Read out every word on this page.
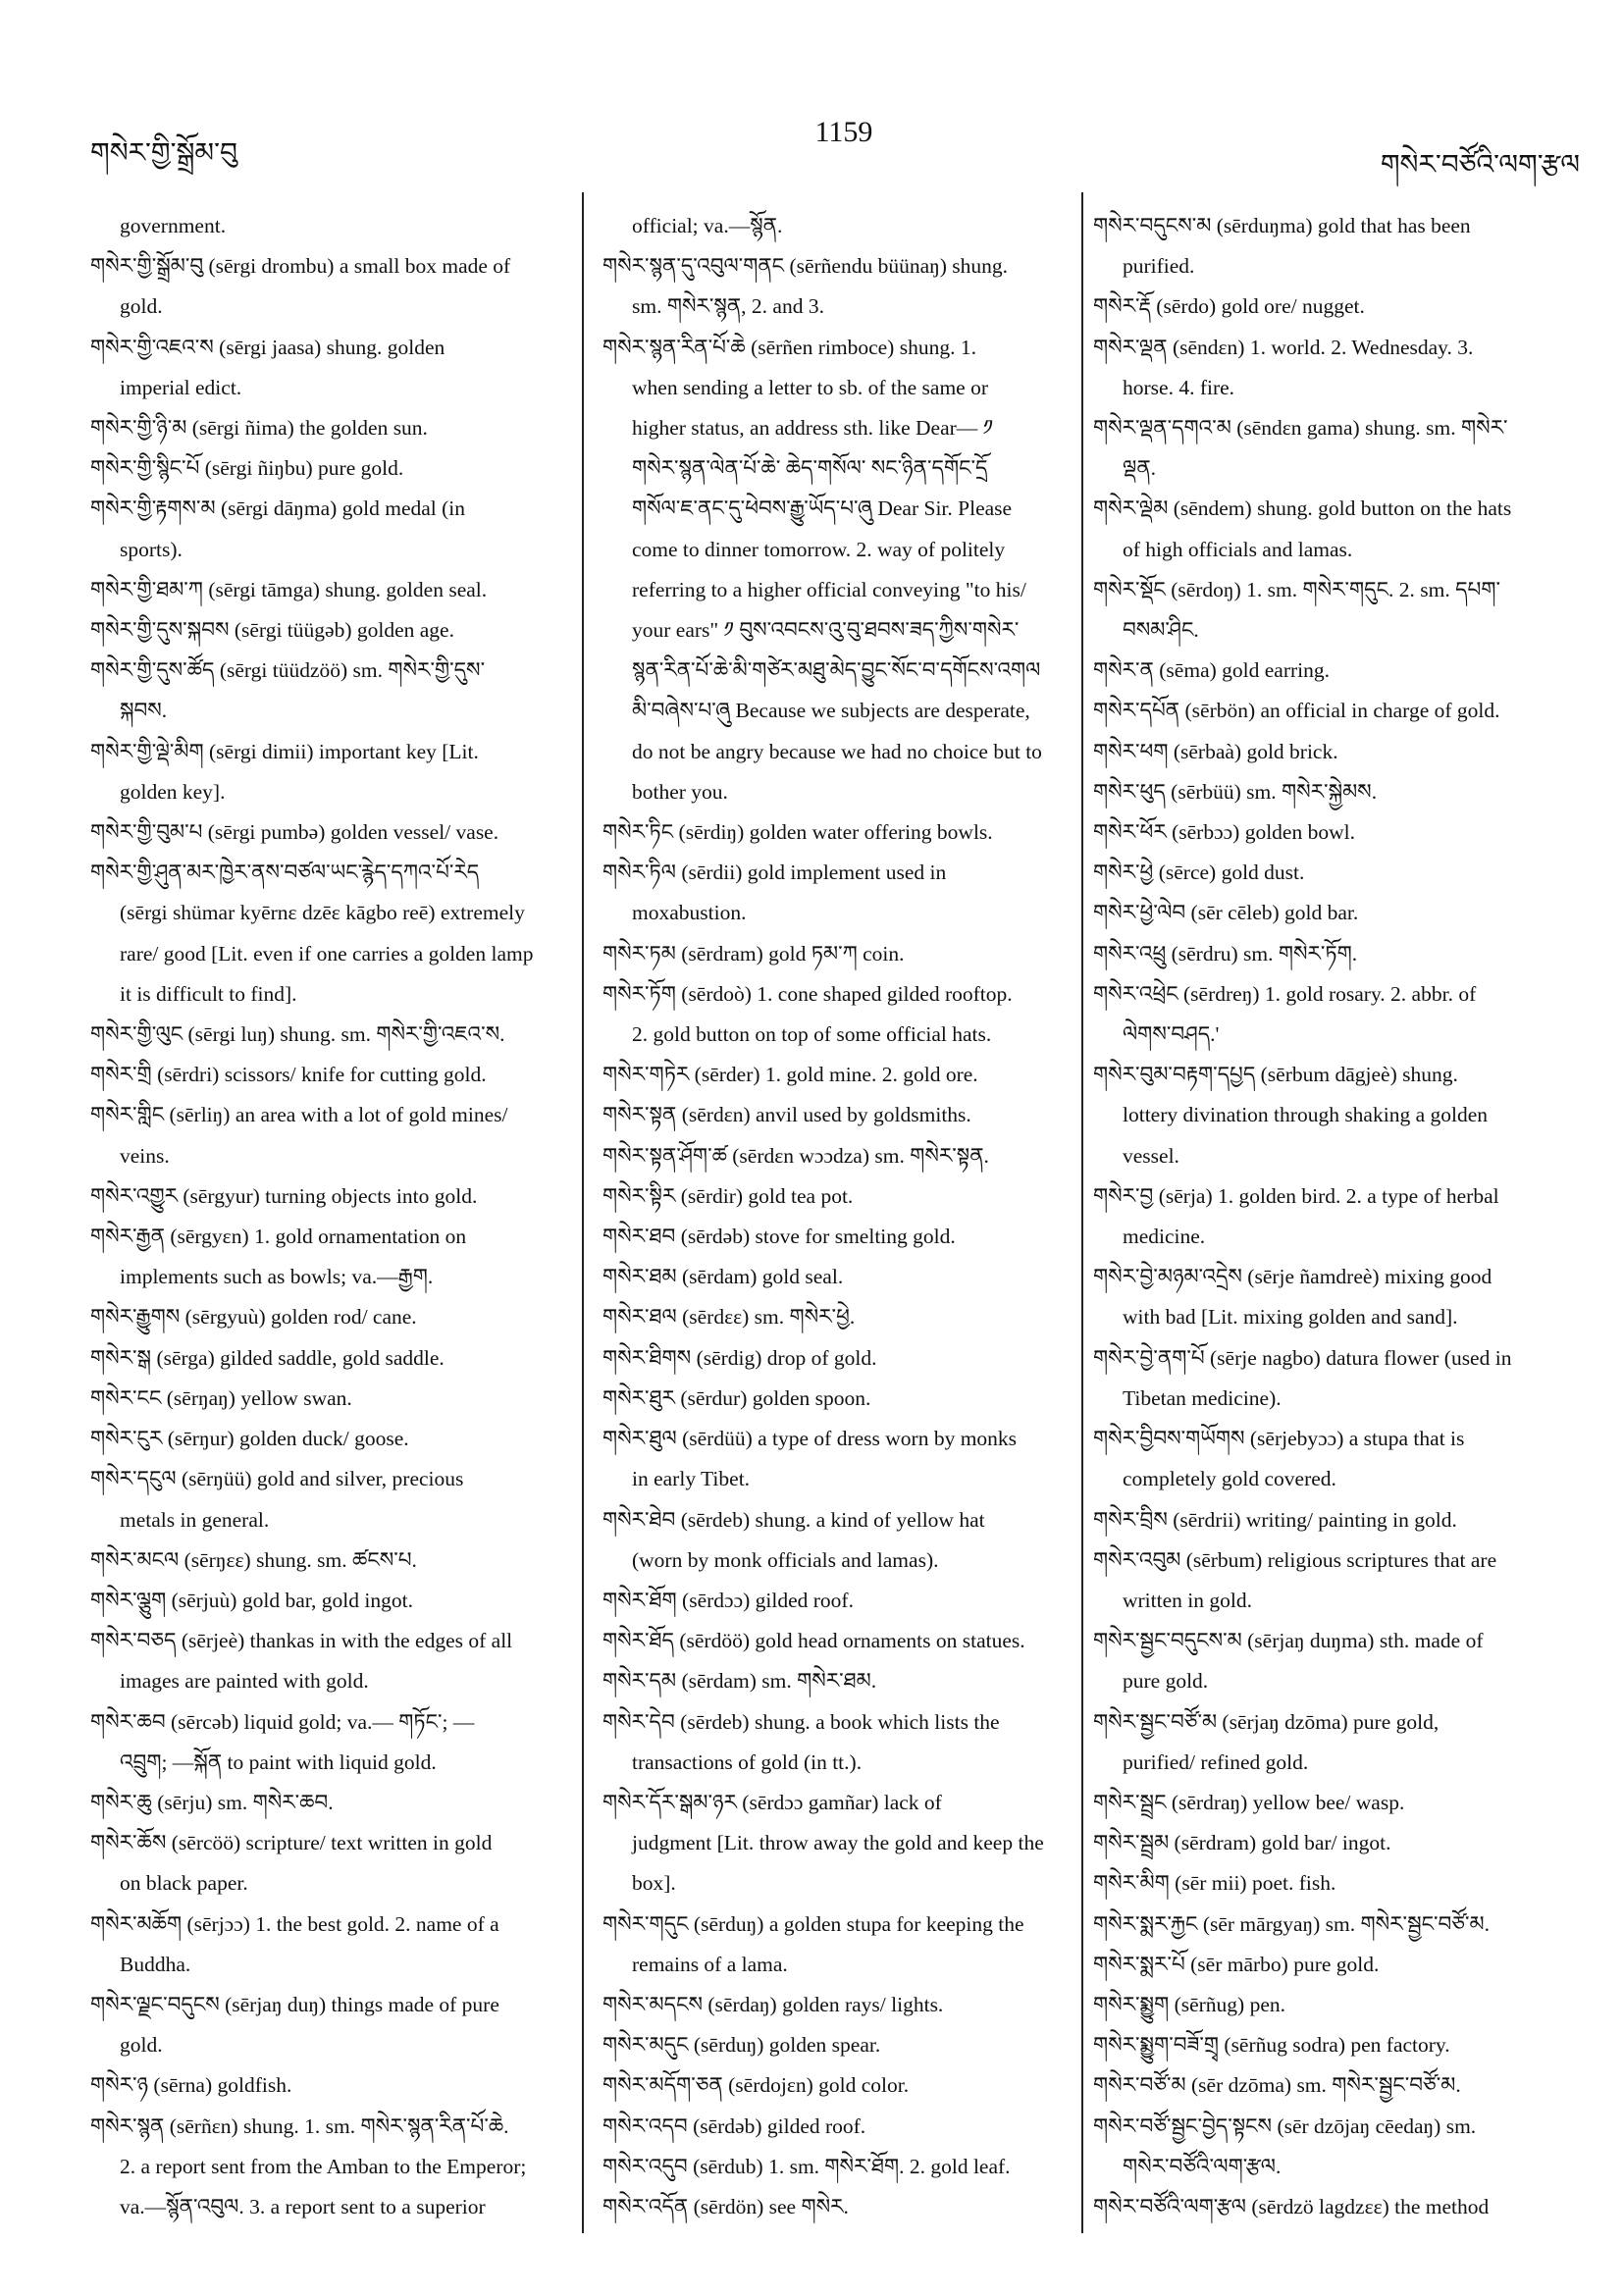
གསེར་གྱི་སྒྲོམ་བུ
1159
གསེར་བཙོའི་ལག་རྩལ
government.
གསེར་གྱི་སྒྲོམ་བུ (sērgi drombu) a small box made of
gold.
གསེར་གྱི་འཇའ་ས (sērgi jaasa) shung. golden
imperial edict.
གསེར་གྱི་ཉི་མ (sērgi ñima) the golden sun.
གསེར་གྱི་སྙིང་པོ (sērgi ñiŋbu) pure gold.
གསེར་གྱི་རྟགས་མ (sērgi dāŋma) gold medal (in
sports).
གསེར་གྱི་ཐམ་ཀ (sērgi tāmga) shung. golden seal.
གསེར་གྱི་དུས་སྐབས (sērgi tüügəb) golden age.
གསེར་གྱི་དུས་ཚོད (sērgi tüüdzöö) sm. གསེར་གྱི་དུས་
སྐབས.
གསེར་གྱི་ལྡེ་མིག (sērgi dimii) important key [Lit.
golden key].
གསེར་གྱི་བུམ་པ (sērgi pumbə) golden vessel/ vase.
གསེར་གྱི་ཤུན་མར་ཁྱེར་ནས་བཙལ་ཡང་རྙེད་དཀའ་པོ་རེད
(sērgi shümar kyērnɛ dzēɛ kāgbo reē) extremely
rare/ good [Lit. even if one carries a golden lamp
it is difficult to find].
གསེར་གྱི་ལུང (sērgi luŋ) shung. sm. གསེར་གྱི་འཇའ་ས.
གསེར་གྲི (sērdri) scissors/ knife for cutting gold.
གསེར་གླིང (sērliŋ) an area with a lot of gold mines/
veins.
གསེར་འགྱུར (sērgyur) turning objects into gold.
གསེར་རྒྱན (sērgyɛn) 1. gold ornamentation on
implements such as bowls; va.—རྒྱག.
གསེར་རྒྱུགས (sērgyuù) golden rod/ cane.
གསེར་སྒ (sērga) gilded saddle, gold saddle.
གསེར་ངང (sērŋaŋ) yellow swan.
གསེར་ངུར (sērŋur) golden duck/ goose.
གསེར་དངུལ (sērŋüü) gold and silver, precious
metals in general.
གསེར་མངལ (sērŋɛɛ) shung. sm. ཚངས་པ.
གསེར་ལྕུག (sērjuù) gold bar, gold ingot.
གསེར་བཅད (sērjeè) thankas in with the edges of all
images are painted with gold.
གསེར་ཆབ (sērcəb) liquid gold; va.— གཏོང་; —
འབྲུག; —སྐོན to paint with liquid gold.
གསེར་ཆུ (sērju) sm. གསེར་ཆབ.
གསེར་ཆོས (sērcöö) scripture/ text written in gold
on black paper.
གསེར་མཆོག (sērjɔɔ) 1. the best gold. 2. name of a
Buddha.
གསེར་ལྗང་བདུངས (sērjaŋ duŋ) things made of pure
gold.
གསེར་ཉ (sērna) goldfish.
གསེར་སྙན (sērñɛn) shung. 1. sm. གསེར་སྙན་རིན་པོ་ཆེ.
2. a report sent from the Amban to the Emperor;
va.—སྙོན་འབུལ. 3. a report sent to a superior
official; va.—སྙོན.
གསེར་སྙན་དུ་འབུལ་གནང (sērñendu büünaŋ) shung.
sm. གསེར་སྙན, 2. and 3.
གསེར་སྙན་རིན་པོ་ཆེ (sērñen rimboce) shung. 1.
when sending a letter to sb. of the same or
higher status, an address sth. like Dear— ༡
གསེར་སྙན་ལེན་པོ་ཆེ་ ཆེད་གསོལ་ སང་ཉིན་དགོང་དྲོ
གསོལ་ཇ་ནང་དུ་ཕེབས་རྒྱུ་ཡོད་པ་ཞུ Dear Sir. Please
come to dinner tomorrow. 2. way of politely
referring to a higher official conveying "to his/
your ears" ༡ བུས་འབངས་འུ་བུ་ཐབས་ཟད་ཀྱིས་གསེར་
སྙན་རིན་པོ་ཆེ་མི་གཙེར་མཐུ་མེད་བྱུང་སོང་བ་དགོངས་འགལ
མི་བཞེས་པ་ཞུ Because we subjects are desperate,
do not be angry because we had no choice but to
bother you.
གསེར་ཏིང (sērdiŋ) golden water offering bowls.
གསེར་ཏིལ (sērdii) gold implement used in
moxabustion.
གསེར་ཏམ (sērdram) gold ཏམ་ཀ coin.
གསེར་ཏོག (sērdoò) 1. cone shaped gilded rooftop.
2. gold button on top of some official hats.
གསེར་གཏེར (sērder) 1. gold mine. 2. gold ore.
གསེར་སྟན (sērdɛn) anvil used by goldsmiths.
གསེར་སྟན་ཤོག་ཚ (sērdɛn wɔɔdza) sm. གསེར་སྟན.
གསེར་སྟིར (sērdir) gold tea pot.
གསེར་ཐབ (sērdəb) stove for smelting gold.
གསེར་ཐམ (sērdam) gold seal.
གསེར་ཐལ (sērdɛɛ) sm. གསེར་ཕྱེ.
གསེར་ཐིགས (sērdig) drop of gold.
གསེར་ཐུར (sērdur) golden spoon.
གསེར་ཐུལ (sērdüü) a type of dress worn by monks
in early Tibet.
གསེར་ཐེབ (sērdeb) shung. a kind of yellow hat
(worn by monk officials and lamas).
གསེར་ཐོག (sērdɔɔ) gilded roof.
གསེར་ཐོད (sērdöö) gold head ornaments on statues.
གསེར་དམ (sērdam) sm. གསེར་ཐམ.
གསེར་དེབ (sērdeb) shung. a book which lists the
transactions of gold (in tt.).
གསེར་དོར་སྒམ་ཉར (sērdɔɔ gamñar) lack of
judgment [Lit. throw away the gold and keep the
box].
གསེར་གདུང (sērduŋ) a golden stupa for keeping the
remains of a lama.
གསེར་མདངས (sērdaŋ) golden rays/ lights.
གསེར་མདུང (sērduŋ) golden spear.
གསེར་མདོག་ཅན (sērdojɛn) gold color.
གསེར་འདབ (sērdəb) gilded roof.
གསེར་འདུབ (sērdub) 1. sm. གསེར་ཐོག. 2. gold leaf.
གསེར་འདོན (sērdön) see གསེར.
གསེར་བདུངས་མ (sērduŋma) gold that has been
purified.
གསེར་རྡོ (sērdo) gold ore/ nugget.
གསེར་ལྡན (sēndɛn) 1. world. 2. Wednesday. 3.
horse. 4. fire.
གསེར་ལྡན་དགའ་མ (sēndɛn gama) shung. sm. གསེར་
ལྡན.
གསེར་ལྡེམ (sēndem) shung. gold button on the hats
of high officials and lamas.
གསེར་སྡོང (sērdoŋ) 1. sm. གསེར་གདུང. 2. sm. དཔག་
བསམ་ཤིང.
གསེར་ན (sēma) gold earring.
གསེར་དཔོན (sērbön) an official in charge of gold.
གསེར་ཕག (sērbaà) gold brick.
གསེར་ཕུད (sērbüü) sm. གསེར་སྐྱེམས.
གསེར་ཕོར (sērbɔɔ) golden bowl.
གསེར་ཕྱེ (sērce) gold dust.
གསེར་ཕྱེ་ལེབ (sēr cēleb) gold bar.
གསེར་འཕྲུ (sērdru) sm. གསེར་ཏོག.
གསེར་འཕྲེང (sērdreŋ) 1. gold rosary. 2. abbr. of
ལེགས་བཤད.'
གསེར་བུམ་བརྟག་དཔྱད (sērbum dāgjeè) shung.
lottery divination through shaking a golden
vessel.
གསེར་བྱ (sērja) 1. golden bird. 2. a type of herbal
medicine.
གསེར་བྱེ་མཉམ་འདྲེས (sērje ñamdreè) mixing good
with bad [Lit. mixing golden and sand].
གསེར་བྱེ་ནག་པོ (sērje nagbo) datura flower (used in
Tibetan medicine).
གསེར་བྱིབས་གཡོགས (sērjebyɔɔ) a stupa that is
completely gold covered.
གསེར་བྲིས (sērdrii) writing/ painting in gold.
གསེར་འབུམ (sērbum) religious scriptures that are
written in gold.
གསེར་སྦྱང་བདུངས་མ (sērjaŋ duŋma) sth. made of
pure gold.
གསེར་སྦྱང་བཙོ་མ (sērjaŋ dzōma) pure gold,
purified/ refined gold.
གསེར་སྦྲང (sērdraŋ) yellow bee/ wasp.
གསེར་སྦྲམ (sērdram) gold bar/ ingot.
གསེར་མིག (sēr mii) poet. fish.
གསེར་སྨར་རྐྱང (sēr mārgyaŋ) sm. གསེར་སྦྱང་བཙོ་མ.
གསེར་སྨར་པོ (sēr mārbo) pure gold.
གསེར་སྨྱུག (sērñug) pen.
གསེར་སྨྱུག་བཟོ་གྲྭ (sērñug sodra) pen factory.
གསེར་བཙོ་མ (sēr dzōma) sm. གསེར་སྦྱང་བཙོ་མ.
གསེར་བཙོ་སྦྱང་བྱེད་སྟངས (sēr dzōjaŋ cēedaŋ) sm.
གསེར་བཙོའི་ལག་རྩལ.
གསེར་བཙོའི་ལག་རྩལ (sērdzö lagdzɛɛ) the method
